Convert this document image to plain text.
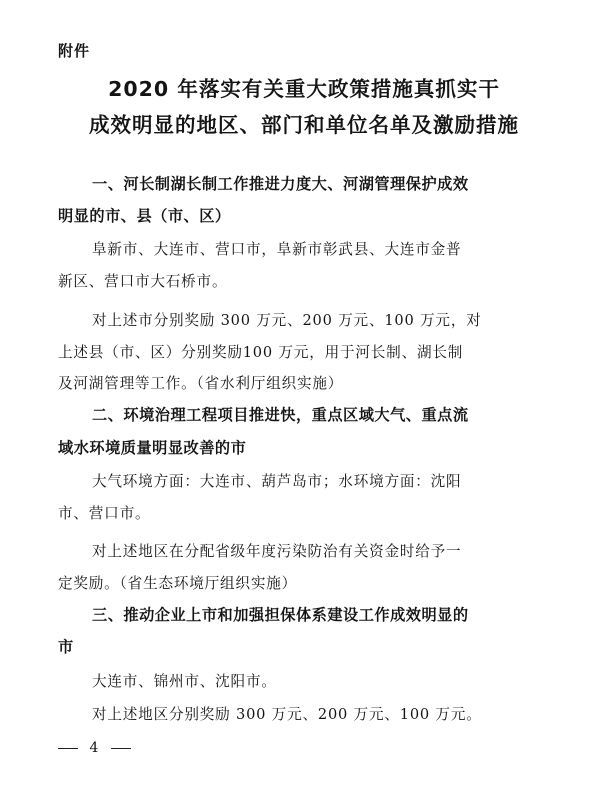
附件
2020 年落实有关重大政策措施真抓实干
成效明显的地区、部门和单位名单及激励措施
一、河长制湖长制工作推进力度大、河湖管理保护成效
明显的市、县（市、区）
阜新市、大连市、营口市，阜新市彰武县、大连市金普
新区、营口市大石桥市。
对上述市分别奖励 300 万元、200 万元、100 万元，对
上述县（市、区）分别奖励100 万元，用于河长制、湖长制
及河湖管理等工作。（省水利厅组织实施）
二、环境治理工程项目推进快，重点区域大气、重点流
域水环境质量明显改善的市
大气环境方面：大连市、葫芦岛市；水环境方面：沈阳
市、营口市。
对上述地区在分配省级年度污染防治有关资金时给予一
定奖励。（省生态环境厅组织实施）
三、推动企业上市和加强担保体系建设工作成效明显的
市
大连市、锦州市、沈阳市。
对上述地区分别奖励 300 万元、200 万元、100 万元。
4
